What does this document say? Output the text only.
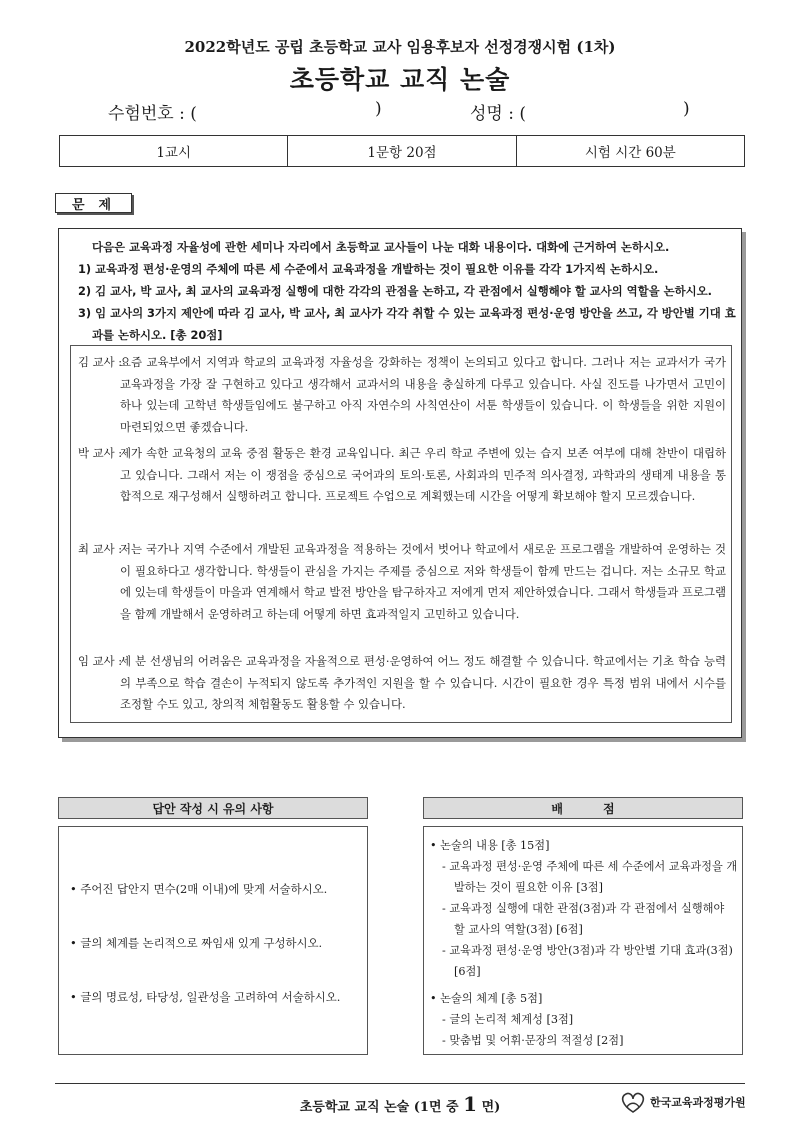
2022학년도 공립 초등학교 교사 임용후보자 선정경쟁시험 (1차)
초등학교 교직 논술
수험번호 : (	)	성명 : (	)
1교시	1문항 20점	시험 시간 60분
문제

다음은 교육과정 자율성에 관한 세미나 자리에서 초등학교 교사들이 나눈 대화 내용이다. 대화에 근거하여 논하시오.

1) 교육과정 편성·운영의 주체에 따른 세 수준에서 교육과정을 개발하는 것이 필요한 이유를 각각 1가지씩 논하시오.

2) 김 교사, 박 교사, 최 교사의 교육과정 실행에 대한 각각의 관점을 논하고, 각 관점에서 실행해야 할 교사의 역할을 논하시오.

3) 임 교사의 3가지 제안에 따라 김 교사, 박 교사, 최 교사가 각각 취할 수 있는 교육과정 편성·운영 방안을 쓰고, 각 방안별 기대 효과를 논하시오. [총 20점]

김 교사 :
요즘 교육부에서 지역과 학교의 교육과정 자율성을 강화하는 정책이 논의되고 있다고 합니다. 그러나 저는 교과서가 국가 교육과정을 가장 잘 구현하고 있다고 생각해서 교과서의 내용을 충실하게 다루고 있습니다. 사실 진도를 나가면서 고민이 하나 있는데 고학년 학생들임에도 불구하고 아직 자연수의 사칙연산이 서툰 학생들이 있습니다. 이 학생들을 위한 지원이 마련되었으면 좋겠습니다.
박 교사 :
제가 속한 교육청의 교육 중점 활동은 환경 교육입니다. 최근 우리 학교 주변에 있는 습지 보존 여부에 대해 찬반이 대립하고 있습니다. 그래서 저는 이 쟁점을 중심으로 국어과의 토의·토론, 사회과의 민주적 의사결정, 과학과의 생태계 내용을 통합적으로 재구성해서 실행하려고 합니다. 프로젝트 수업으로 계획했는데 시간을 어떻게 확보해야 할지 모르겠습니다.
최 교사 :
저는 국가나 지역 수준에서 개발된 교육과정을 적용하는 것에서 벗어나 학교에서 새로운 프로그램을 개발하여 운영하는 것이 필요하다고 생각합니다. 학생들이 관심을 가지는 주제를 중심으로 저와 학생들이 함께 만드는 겁니다. 저는 소규모 학교에 있는데 학생들이 마을과 연계해서 학교 발전 방안을 탐구하자고 저에게 먼저 제안하였습니다. 그래서 학생들과 프로그램을 함께 개발해서 운영하려고 하는데 어떻게 하면 효과적일지 고민하고 있습니다.
임 교사 :
세 분 선생님의 어려움은 교육과정을 자율적으로 편성·운영하여 어느 정도 해결할 수 있습니다. 학교에서는 기초 학습 능력의 부족으로 학습 결손이 누적되지 않도록 추가적인 지원을 할 수 있습니다. 시간이 필요한 경우 특정 범위 내에서 시수를 조정할 수도 있고, 창의적 체험활동도 활용할 수 있습니다.
답안 작성 시 유의 사항	배점
• 주어진 답안지 면수(2매 이내)에 맞게 서술하시오.
• 글의 체계를 논리적으로 짜임새 있게 구성하시오.
• 글의 명료성, 타당성, 일관성을 고려하여 서술하시오.
• 논술의 내용 [총 15점]
- 교육과정 편성·운영 주체에 따른 세 수준에서 교육과정을 개발하는 것이 필요한 이유 [3점]
- 교육과정 실행에 대한 관점(3점)과 각 관점에서 실행해야 할 교사의 역할(3점) [6점]
- 교육과정 편성·운영 방안(3점)과 각 방안별 기대 효과(3점) [6점]
• 논술의 체계 [총 5점]
- 글의 논리적 체계성 [3점]
- 맞춤법 및 어휘·문장의 적절성 [2점]
초등학교 교직 논술 (1면 중 1 면)	한국교육과정평가원
